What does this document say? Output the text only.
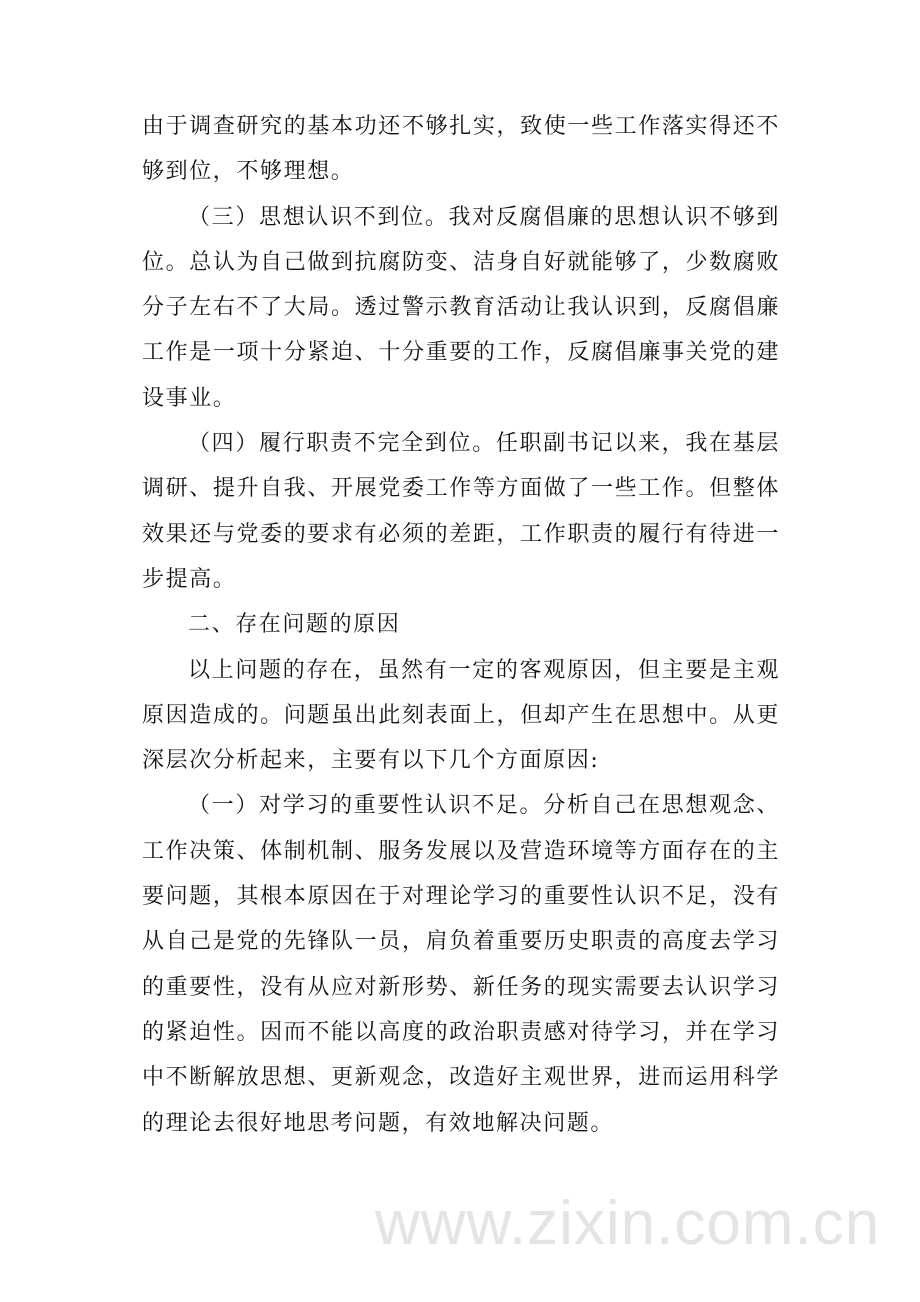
由于调查研究的基本功还不够扎实，致使一些工作落实得还不
够到位，不够理想。
（三）思想认识不到位。我对反腐倡廉的思想认识不够到
位。总认为自己做到抗腐防变、洁身自好就能够了，少数腐败
分子左右不了大局。透过警示教育活动让我认识到，反腐倡廉
工作是一项十分紧迫、十分重要的工作，反腐倡廉事关党的建
设事业。
（四）履行职责不完全到位。任职副书记以来，我在基层
调研、提升自我、开展党委工作等方面做了一些工作。但整体
效果还与党委的要求有必须的差距，工作职责的履行有待进一
步提高。
二、存在问题的原因
以上问题的存在，虽然有一定的客观原因，但主要是主观
原因造成的。问题虽出此刻表面上，但却产生在思想中。从更
深层次分析起来，主要有以下几个方面原因:
（一）对学习的重要性认识不足。分析自己在思想观念、
工作决策、体制机制、服务发展以及营造环境等方面存在的主
要问题，其根本原因在于对理论学习的重要性认识不足，没有
从自己是党的先锋队一员，肩负着重要历史职责的高度去学习
的重要性，没有从应对新形势、新任务的现实需要去认识学习
的紧迫性。因而不能以高度的政治职责感对待学习，并在学习
中不断解放思想、更新观念，改造好主观世界，进而运用科学
的理论去很好地思考问题，有效地解决问题。
www.zixin.com.cn
